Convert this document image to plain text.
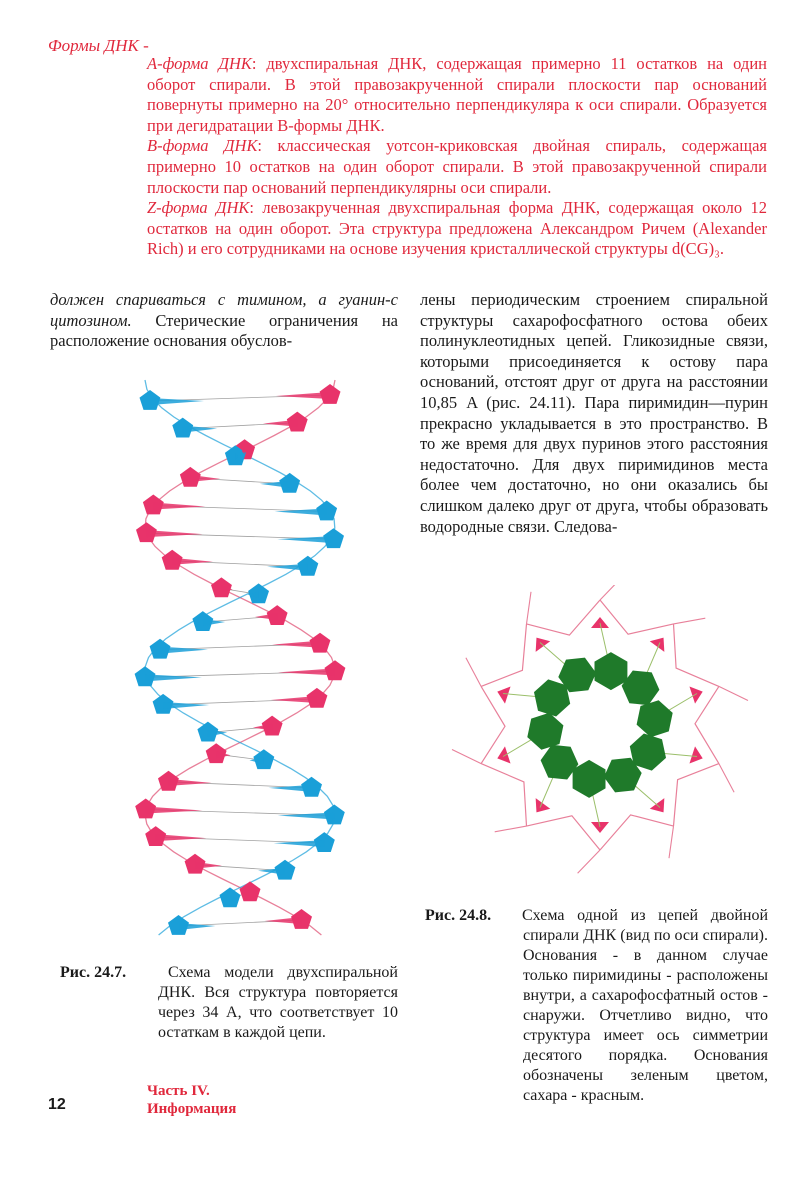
Формы ДНК -

A-форма ДНК: двухспиральная ДНК, содержащая примерно 11 остатков на один оборот спирали. В этой правозакрученной спирали плоскости пар оснований повернуты примерно на 20° относительно перпендикуляра к оси спирали. Образуется при дегидратации B-формы ДНК.

B-форма ДНК: классическая уотсон-криковская двойная спираль, содержащая примерно 10 остатков на один оборот спирали. В этой правозакрученной спирали плоскости пар оснований перпендикулярны оси спирали.

Z-форма ДНК: левозакрученная двухспиральная форма ДНК, содержащая около 12 остатков на один оборот. Эта структура предложена Александром Ричем (Alexander Rich) и его сотрудниками на основе изучения кристаллической структуры d(CG)₃.

должен спариваться с тимином, а гуанин-с цитозином. Стерические ограничения на расположение основания обуслов-
лены периодическим строением спиральной структуры сахарофосфатного остова обеих полинуклеотидных цепей. Гликозидные связи, которыми присоединяется к остову пара оснований, отстоят друг от друга на расстоянии 10,85 A (рис. 24.11). Пара пиримидин—пурин прекрасно укладывается в это пространство. В то же время для двух пуринов этого расстояния недостаточно. Для двух пиримидинов места более чем достаточно, но они оказались бы слишком далеко друг от друга, чтобы образовать водородные связи. Следова-
Рис. 24.7.	Схема модели двухспиральной ДНК. Вся структура повторяется через 34 A, что соответствует 10 остаткам в каждой цепи.
Рис. 24.8. Схема одной из цепей двойной спирали ДНК (вид по оси спирали). Основания - в данном случае только пиримидины - расположены внутри, а сахарофосфатный остов - снаружи. Отчетливо видно, что структура имеет ось симметрии десятого порядка. Основания обозначены зеленым цветом, сахара - красным.
12
Часть IV.
Информация
